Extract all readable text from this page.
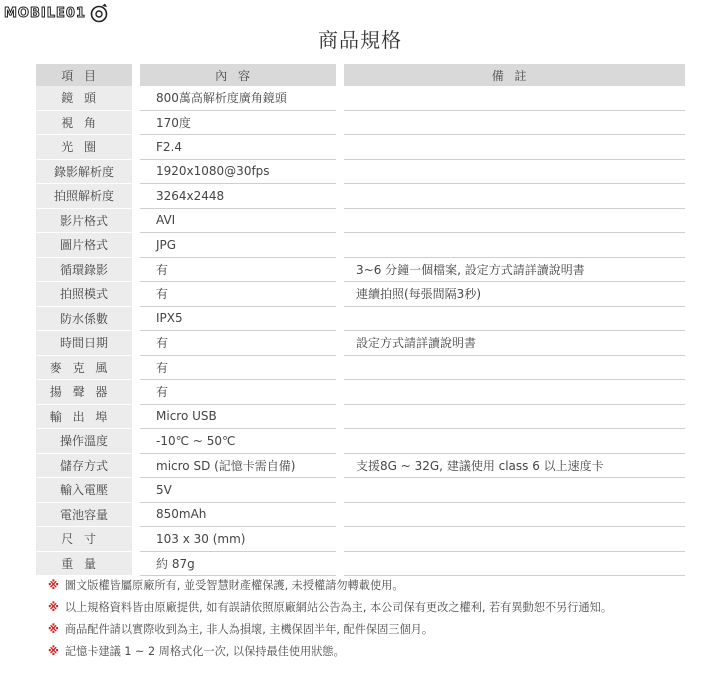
MOBILE01
商品規格
項目		內容		備註
鏡頭		800萬高解析度廣角鏡頭		
視角		170度		
光圈		F2.4		
錄影解析度		1920x1080@30fps		
拍照解析度		3264x2448		
影片格式		AVI		
圖片格式		JPG		
循環錄影		有		3~6 分鐘一個檔案, 設定方式請詳讀說明書
拍照模式		有		連續拍照(每張間隔3秒)
防水係數		IPX5		
時間日期		有		設定方式請詳讀說明書
麥克風		有		
揚聲器		有		
輸出埠		Micro USB		
操作溫度		-10℃ ~ 50℃		
儲存方式		micro SD (記憶卡需自備)		支援8G ~ 32G, 建議使用 class 6 以上速度卡
輸入電壓		5V		
電池容量		850mAh		
尺寸		103 x 30 (mm)		
重量		約 87g		
※ 圖文版權皆屬原廠所有, 並受智慧財產權保護, 未授權請勿轉載使用。
※ 以上規格資料皆由原廠提供, 如有誤請依照原廠網站公告為主, 本公司保有更改之權利, 若有異動恕不另行通知。
※ 商品配件請以實際收到為主, 非人為損壞, 主機保固半年, 配件保固三個月。
※ 記憶卡建議 1 ~ 2 周格式化一次, 以保持最佳使用狀態。
